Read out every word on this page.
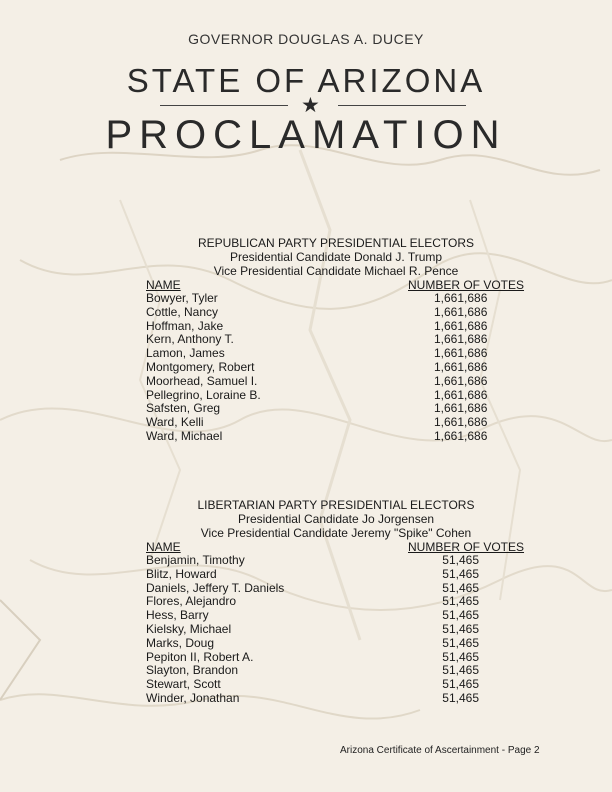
GOVERNOR DOUGLAS A. DUCEY
STATE OF ARIZONA
★
PROCLAMATION
REPUBLICAN PARTY PRESIDENTIAL ELECTORS
Presidential Candidate Donald J. Trump
Vice Presidential Candidate Michael R. Pence
NAME	NUMBER OF VOTES
Bowyer, Tyler	1,661,686
Cottle, Nancy	1,661,686
Hoffman, Jake	1,661,686
Kern, Anthony T.	1,661,686
Lamon, James	1,661,686
Montgomery, Robert	1,661,686
Moorhead, Samuel I.	1,661,686
Pellegrino, Loraine B.	1,661,686
Safsten, Greg	1,661,686
Ward, Kelli	1,661,686
Ward, Michael	1,661,686
LIBERTARIAN PARTY PRESIDENTIAL ELECTORS
Presidential Candidate Jo Jorgensen
Vice Presidential Candidate Jeremy "Spike" Cohen
NAME	NUMBER OF VOTES
Benjamin, Timothy	51,465
Blitz, Howard	51,465
Daniels, Jeffery T. Daniels	51,465
Flores, Alejandro	51,465
Hess, Barry	51,465
Kielsky, Michael	51,465
Marks, Doug	51,465
Pepiton II, Robert A.	51,465
Slayton, Brandon	51,465
Stewart, Scott	51,465
Winder, Jonathan	51,465
Arizona Certificate of Ascertainment - Page 2
